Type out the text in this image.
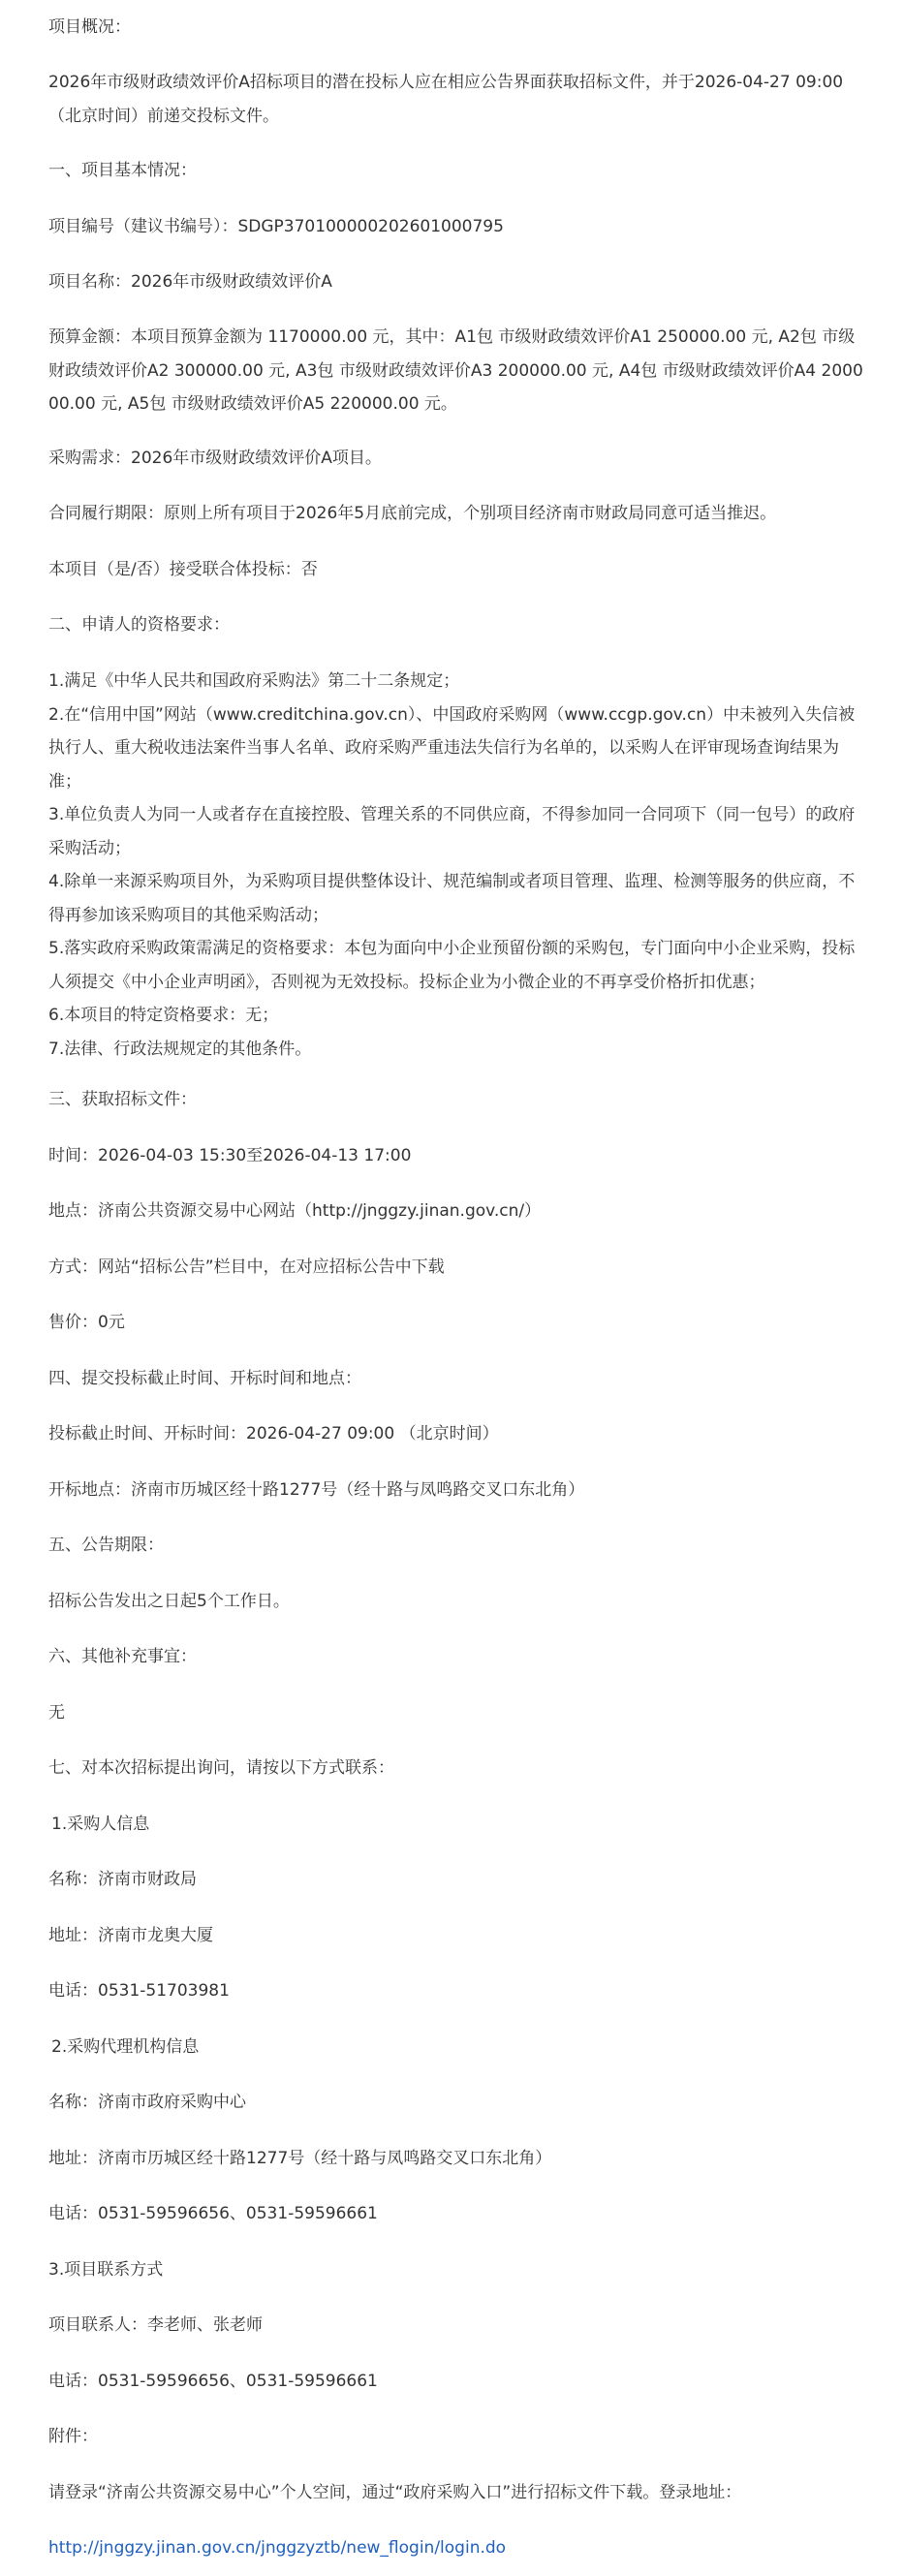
项目概况：

2026年市级财政绩效评价A招标项目的潜在投标人应在相应公告界面获取招标文件，并于2026-04-27 09:00（北京时间）前递交投标文件。

一、项目基本情况：

项目编号（建议书编号）：SDGP370100000202601000795

项目名称：2026年市级财政绩效评价A

预算金额：本项目预算金额为 1170000.00 元，其中：A1包 市级财政绩效评价A1 250000.00 元, A2包 市级财政绩效评价A2 300000.00 元, A3包 市级财政绩效评价A3 200000.00 元, A4包 市级财政绩效评价A4 200000.00 元, A5包 市级财政绩效评价A5 220000.00 元。

采购需求：2026年市级财政绩效评价A项目。

合同履行期限：原则上所有项目于2026年5月底前完成，个别项目经济南市财政局同意可适当推迟。

本项目（是/否）接受联合体投标：否

二、申请人的资格要求：

1.满足《中华人民共和国政府采购法》第二十二条规定；
2.在“信用中国”网站（www.creditchina.gov.cn）、中国政府采购网（www.ccgp.gov.cn）中未被列入失信被执行人、重大税收违法案件当事人名单、政府采购严重违法失信行为名单的，以采购人在评审现场查询结果为准；
3.单位负责人为同一人或者存在直接控股、管理关系的不同供应商，不得参加同一合同项下（同一包号）的政府采购活动；
4.除单一来源采购项目外，为采购项目提供整体设计、规范编制或者项目管理、监理、检测等服务的供应商，不得再参加该采购项目的其他采购活动；
5.落实政府采购政策需满足的资格要求：本包为面向中小企业预留份额的采购包，专门面向中小企业采购，投标人须提交《中小企业声明函》，否则视为无效投标。投标企业为小微企业的不再享受价格折扣优惠；
6.本项目的特定资格要求：无；
7.法律、行政法规规定的其他条件。

三、获取招标文件：

时间：2026-04-03 15:30至2026-04-13 17:00

地点：济南公共资源交易中心网站（http://jnggzy.jinan.gov.cn/）

方式：网站“招标公告”栏目中，在对应招标公告中下载

售价：0元

四、提交投标截止时间、开标时间和地点：

投标截止时间、开标时间：2026-04-27 09:00 （北京时间）

开标地点：济南市历城区经十路1277号（经十路与凤鸣路交叉口东北角）

五、公告期限：

招标公告发出之日起5个工作日。

六、其他补充事宜：

无

七、对本次招标提出询问，请按以下方式联系：

1.采购人信息

名称：济南市财政局

地址：济南市龙奥大厦

电话：0531-51703981

2.采购代理机构信息

名称：济南市政府采购中心

地址：济南市历城区经十路1277号（经十路与凤鸣路交叉口东北角）

电话：0531-59596656、0531-59596661

3.项目联系方式

项目联系人：李老师、张老师

电话：0531-59596656、0531-59596661

附件：

请登录“济南公共资源交易中心”个人空间，通过“政府采购入口”进行招标文件下载。登录地址：

http://jnggzy.jinan.gov.cn/jnggzyztb/new_flogin/login.do
